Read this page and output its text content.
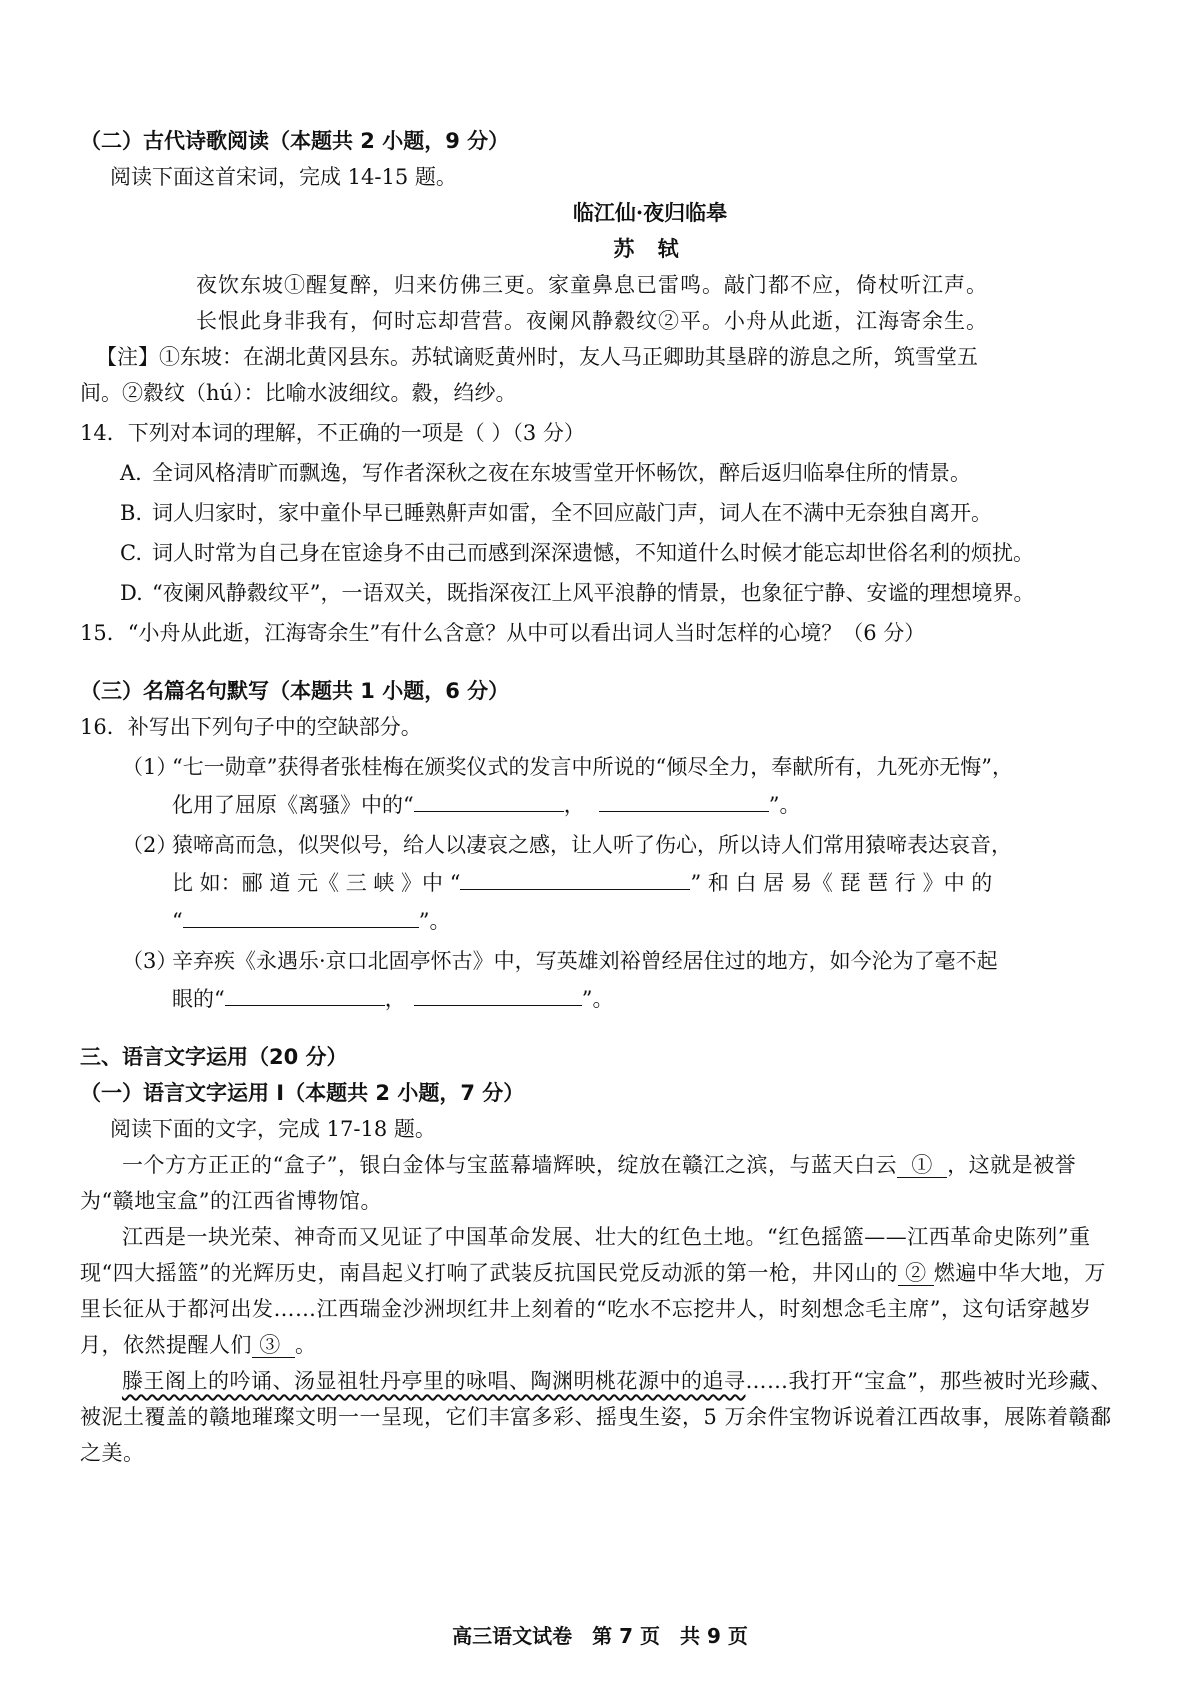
（二）古代诗歌阅读（本题共 2 小题，9 分）
阅读下面这首宋词，完成 14-15 题。
临江仙·夜归临皋
苏 轼
夜饮东坡①醒复醉，归来仿佛三更。家童鼻息已雷鸣。敲门都不应，倚杖听江声。
长恨此身非我有，何时忘却营营。夜阑风静縠纹②平。小舟从此逝，江海寄余生。
【注】①东坡：在湖北黄冈县东。苏轼谪贬黄州时，友人马正卿助其垦辟的游息之所，筑雪堂五
间。②縠纹（hú）：比喻水波细纹。縠，绉纱。
14．下列对本词的理解，不正确的一项是（ ）（3 分）
A. 全词风格清旷而飘逸，写作者深秋之夜在东坡雪堂开怀畅饮，醉后返归临皋住所的情景。
B. 词人归家时，家中童仆早已睡熟鼾声如雷，全不回应敲门声，词人在不满中无奈独自离开。
C. 词人时常为自己身在宦途身不由己而感到深深遗憾，不知道什么时候才能忘却世俗名利的烦扰。
D. “夜阑风静縠纹平”，一语双关，既指深夜江上风平浪静的情景，也象征宁静、安谧的理想境界。
15．“小舟从此逝，江海寄余生”有什么含意？从中可以看出词人当时怎样的心境？（6 分）
（三）名篇名句默写（本题共 1 小题，6 分）
16．补写出下列句子中的空缺部分。
（1）
“七一勋章”获得者张桂梅在颁奖仪式的发言中所说的“倾尽全力，奉献所有，九死亦无悔”，
化用了屈原《离骚》中的“	，	”。
（2）
猿啼高而急，似哭似号，给人以凄哀之感，让人听了伤心，所以诗人们常用猿啼表达哀音，
比 如：郦 道 元《 三 峡 》中 “	” 和 白 居 易《 琵 琶 行 》中 的
“	”。
（3）
辛弃疾《永遇乐·京口北固亭怀古》中，写英雄刘裕曾经居住过的地方，如今沦为了毫不起
眼的“	，	”。
三、语言文字运用（20 分）
（一）语言文字运用 I（本题共 2 小题，7 分）
阅读下面的文字，完成 17-18 题。
一个方方正正的“盒子”，银白金体与宝蓝幕墙辉映，绽放在赣江之滨，与蓝天白云 ① ，这就是被誉为“赣地宝盒”的江西省博物馆。
江西是一块光荣、神奇而又见证了中国革命发展、壮大的红色土地。“红色摇篮——江西革命史陈列”重现“四大摇篮”的光辉历史，南昌起义打响了武装反抗国民党反动派的第一枪，井冈山的 ② 燃遍中华大地，万里长征从于都河出发……江西瑞金沙洲坝红井上刻着的“吃水不忘挖井人，时刻想念毛主席”，这句话穿越岁月，依然提醒人们 ③ 。
滕王阁上的吟诵、汤显祖牡丹亭里的咏唱、陶渊明桃花源中的追寻……我打开“宝盒”，那些被时光珍藏、被泥土覆盖的赣地璀璨文明一一呈现，它们丰富多彩、摇曳生姿，5 万余件宝物诉说着江西故事，展陈着赣鄱之美。
高三语文试卷　第 7 页　共 9 页
